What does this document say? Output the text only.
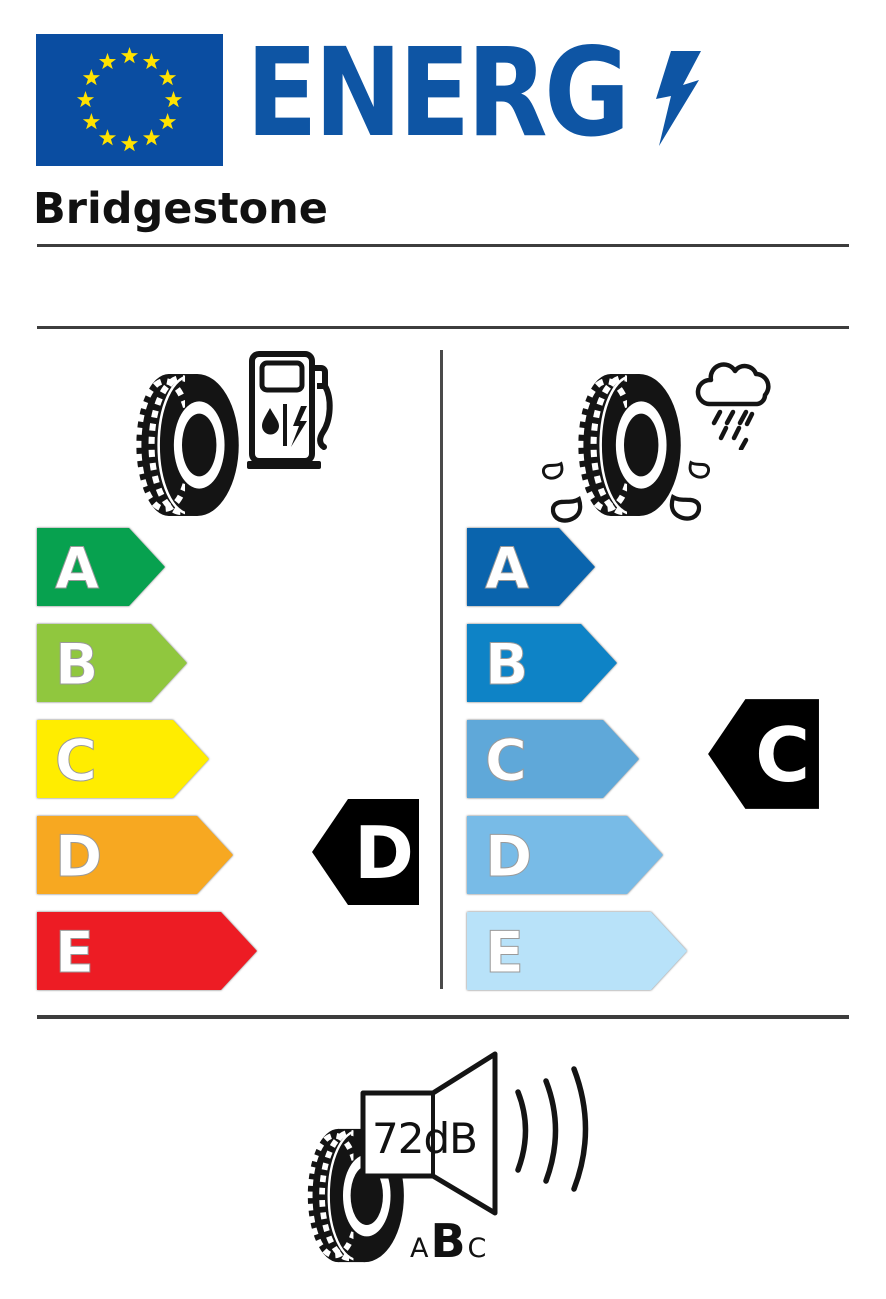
ENERG
Bridgestone
A
B
C
D
E
D
A
B
C
D
E
C
72dB
A B C
